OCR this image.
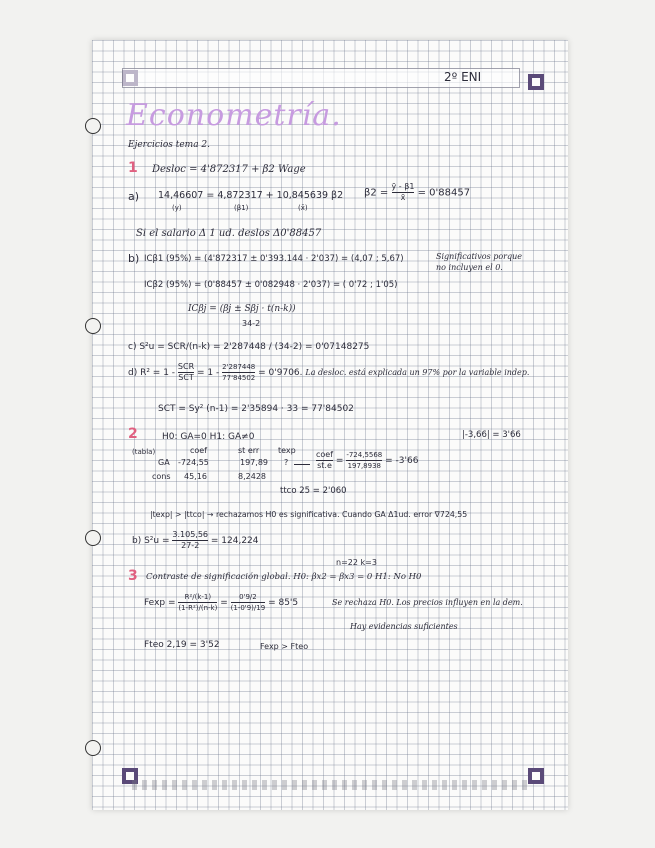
2º ENI
Econometría.
Ejercicios tema 2.
1 Desloc = 4'87231​7 + β2 Wage
a) 14,46607 = 4,872317 + 10,845639 β2
(y)	(β1)	(x̄)
$\beta 2 = \frac{ȳ - \beta 1}{x̄} = 0'88457$
Si el salario Δ 1 ud. deslos Δ0'88457
b) ICβ1 (95%) = (4'872317 ± 0'393.144 · 2'037) = (4,07 ; 5,67)	Significativos porque
no incluyen el 0.
ICβ2 (95%) = (0'88457 ± 0'082948 · 2'037) = ( 0'72 ; 1'05)
ICβj = (βj ± Sβj · t(n-k))
34-2
c) S²u = SCR/(n-k) = 2'287448 / (34-2) = 0'07148275
d) $R^2 = 1 - \frac{\text{SCR}}{\text{SCT}} = 1 - \frac{2'287448}{77'84502} = 0'9706$. La desloc. está explicada un 97% por la variable indep.
SCT = Sy² (n-1) = 2'35894 · 33 = 77'84502
2	H0: GA=0 H1: GA≠0	|-3,66| = 3'66
(tabla)	coef	st err texp
GA -724,55	197,89 ?
cons 45,16	8,2428
$\frac{\text{coef}}{st.e} = \frac{-724,5568}{197,8938} = -3'66$
ttco 25 = 2'060
|texp| > |ttco| → rechazamos H0 es significativa. Cuando GA Δ1ud. error ∇724,55
b) $S^2u = \frac{3.105,56}{27-2} = 124,224$
n=22 k=3
3 Contraste de significación global. H0: βx2 = βx3 = 0 H1: No H0
$Fexp = \frac{\text{R²/(k-1)}}{\text{(1-R²)/(n-k)}} = \frac{0'9/2}{(1-0'9)/19} = 85'5$	Se rechaza H0. Los precios influyen en la dem.
Hay evidencias suficientes
Fteo 2,19 = 3'52	Fexp > Fteo
